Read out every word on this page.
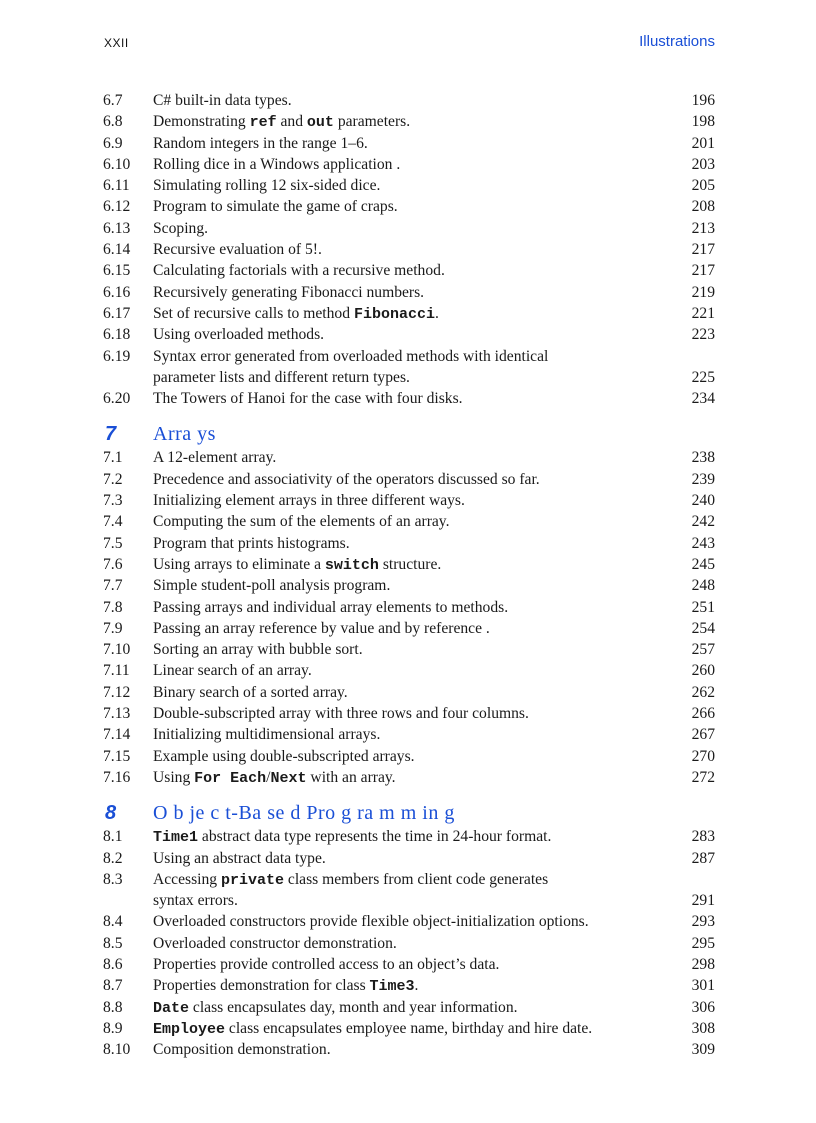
XXII	Illustrations
6.7	C# built-in data types.	196
6.8	Demonstrating ref and out parameters.	198
6.9	Random integers in the range 1–6.	201
6.10	Rolling dice in a Windows application .	203
6.11	Simulating rolling 12 six-sided dice.	205
6.12	Program to simulate the game of craps.	208
6.13	Scoping.	213
6.14	Recursive evaluation of 5!.	217
6.15	Calculating factorials with a recursive method.	217
6.16	Recursively generating Fibonacci numbers.	219
6.17	Set of recursive calls to method Fibonacci.	221
6.18	Using overloaded methods.	223
6.19	Syntax error generated from overloaded methods with identical
parameter lists and different return types.	225
6.20	The Towers of Hanoi for the case with four disks.	234
7	Arra ys
7.1	A 12-element array.	238
7.2	Precedence and associativity of the operators discussed so far.	239
7.3	Initializing element arrays in three different ways.	240
7.4	Computing the sum of the elements of an array.	242
7.5	Program that prints histograms.	243
7.6	Using arrays to eliminate a switch structure.	245
7.7	Simple student-poll analysis program.	248
7.8	Passing arrays and individual array elements to methods.	251
7.9	Passing an array reference by value and by reference .	254
7.10	Sorting an array with bubble sort.	257
7.11	Linear search of an array.	260
7.12	Binary search of a sorted array.	262
7.13	Double-subscripted array with three rows and four columns.	266
7.14	Initializing multidimensional arrays.	267
7.15	Example using double-subscripted arrays.	270
7.16	Using For Each/Next with an array.	272
8	O b je c t-Ba se d Pro g ra m m in g
8.1	Time1 abstract data type represents the time in 24-hour format.	283
8.2	Using an abstract data type.	287
8.3	Accessing private class members from client code generates
syntax errors.	291
8.4	Overloaded constructors provide flexible object-initialization options.	293
8.5	Overloaded constructor demonstration.	295
8.6	Properties provide controlled access to an object’s data.	298
8.7	Properties demonstration for class Time3.	301
8.8	Date class encapsulates day, month and year information.	306
8.9	Employee class encapsulates employee name, birthday and hire date.	308
8.10	Composition demonstration.	309
